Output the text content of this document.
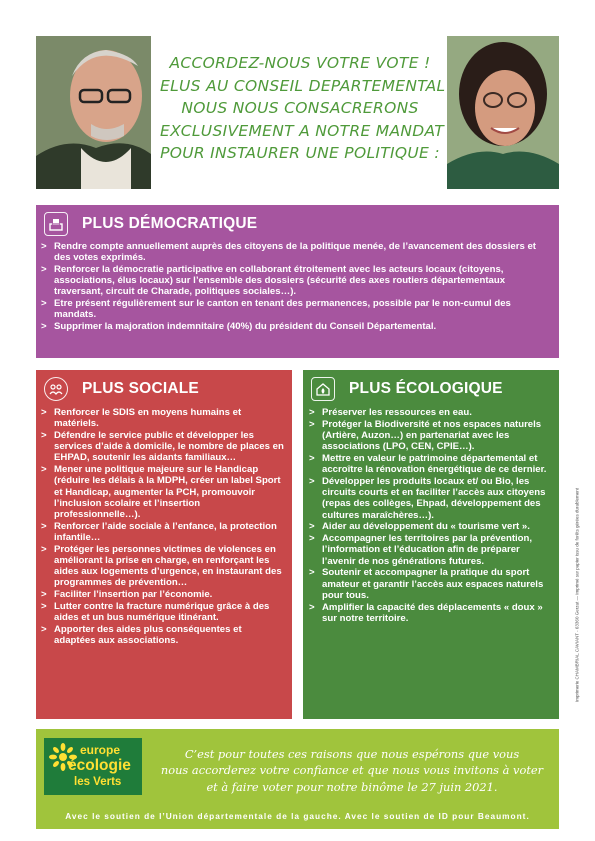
ACCORDEZ-NOUS VOTRE VOTE !
ELUS AU CONSEIL DEPARTEMENTAL
NOUS NOUS CONSACRERONS
EXCLUSIVEMENT A NOTRE MANDAT
POUR INSTAURER UNE POLITIQUE :
PLUS DÉMOCRATIQUE
> Rendre compte annuellement auprès des citoyens de la politique menée, de l’avancement des dossiers et des votes exprimés.
> Renforcer la démocratie participative en collaborant étroitement avec les acteurs locaux (citoyens, associations, élus locaux) sur l’ensemble des dossiers (sécurité des axes routiers départementaux traversant, circuit de Charade, politiques sociales…).
> Etre présent régulièrement sur le canton en tenant des permanences, possible par le non-cumul des mandats.
> Supprimer la majoration indemnitaire (40%) du président du Conseil Départemental.
PLUS SOCIALE
> Renforcer le SDIS en moyens humains et matériels.
> Défendre le service public et développer les services d’aide à domicile, le nombre de places en EHPAD, soutenir les aidants familiaux…
> Mener une politique majeure sur le Handicap (réduire les délais à la MDPH, créer un label Sport et Handicap, augmenter la PCH, promouvoir l’inclusion scolaire et l’insertion professionnelle…).
> Renforcer l’aide sociale à l’enfance, la protection infantile…
> Protéger les personnes victimes de violences en améliorant la prise en charge, en renforçant les aides aux logements d’urgence, en instaurant des programmes de prévention…
> Faciliter l’insertion par l’économie.
> Lutter contre la fracture numérique grâce à des aides et un bus numérique itinérant.
> Apporter des aides plus conséquentes et adaptées aux associations.
PLUS ÉCOLOGIQUE
> Préserver les ressources en eau.
> Protéger la Biodiversité et nos espaces naturels (Artière, Auzon…) en partenariat avec les associations (LPO, CEN, CPIE…).
> Mettre en valeur le patrimoine départemental et accroître la rénovation énergétique de ce dernier.
> Développer les produits locaux et/ ou Bio, les circuits courts et en faciliter l’accès aux citoyens (repas des collèges, Ehpad, développement des cultures maraîchères…).
> Aider au développement du « tourisme vert ».
> Accompagner les territoires par la prévention, l’information et l’éducation afin de préparer l’avenir de nos générations futures.
> Soutenir et accompagner la pratique du sport amateur et garantir l’accès aux espaces naturels pour tous.
> Amplifier la capacité des déplacements « doux » sur notre territoire.	Imprimerie CHAMBRIAL CAVIANT - 63360 Gerzat — Imprimé sur papier issu de forêts gérées durablement
europe
écologie
les Verts
C’est pour toutes ces raisons que nous espérons que vous
nous accorderez votre confiance et que nous vous invitons à voter
et à faire voter pour notre binôme le 27 juin 2021.
Avec le soutien de l’Union départementale de la gauche. Avec le soutien de ID pour Beaumont.
